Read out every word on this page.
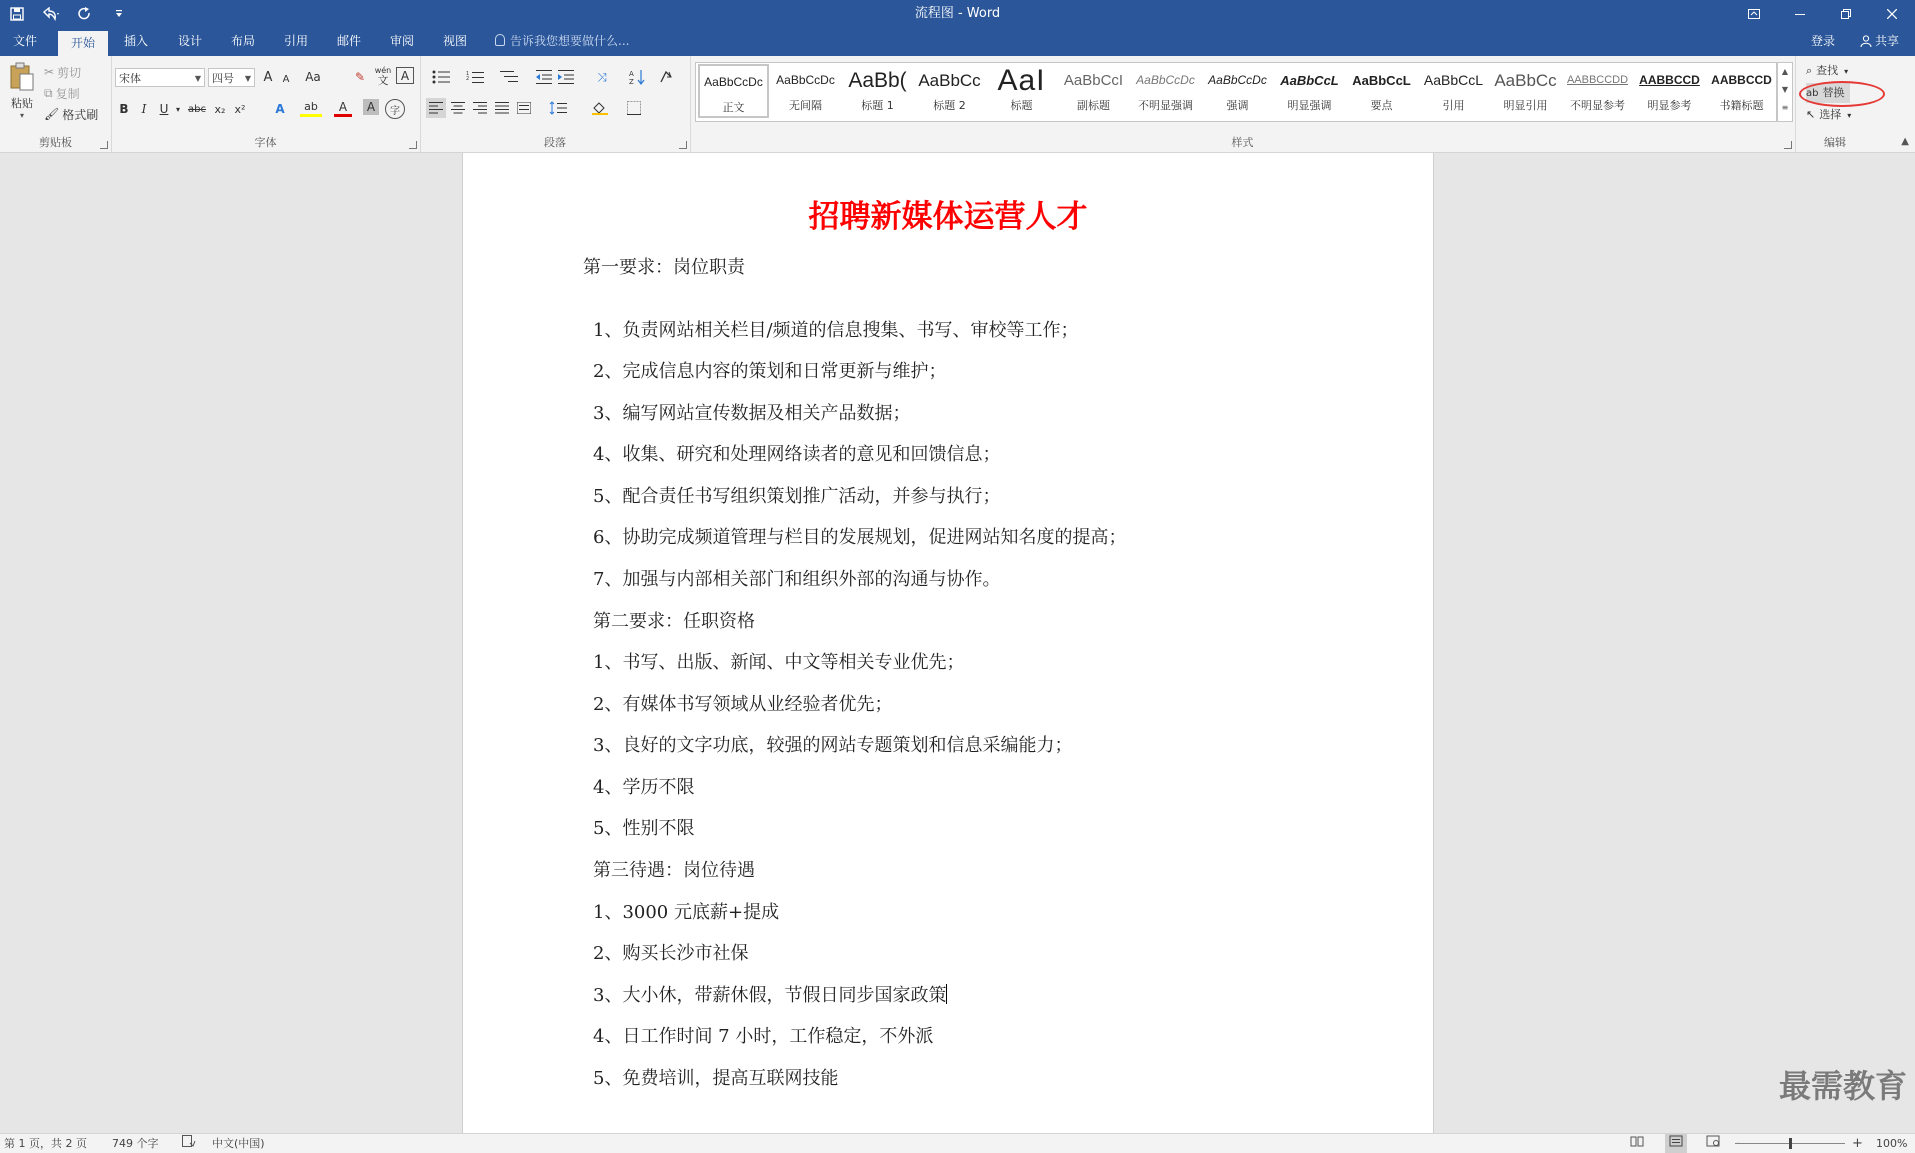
流程图 - Word
文件	开始	插入	设计	布局	引用	邮件	审阅	视图	告诉我您想要做什么...	登录	共享
粘贴
▾
✂ 剪切
⧉ 复制
🖌 格式刷
剪贴板
宋体	▼	四号 ▼ A	A	Aa	✎	wén
文	A
B	I	U ▾ abc x₂ x²	A	ab	A	A	字
字体
1
2	⤨	A
Z
段落	样式
AaBbCcDc
正文
AaBbCcDc
无间隔
AaBb(
标题 1
AaBbCc
标题 2
AaI
标题
AaBbCcI
副标题
AaBbCcDc
不明显强调
AaBbCcDc
强调
AaBbCcL
明显强调
AaBbCcL
要点
AaBbCcL
引用
AaBbCc
明显引用
AABBCCDD
不明显参考
AABBCCD
明显参考
AABBCCD
书籍标题
▲
▼
≡
编辑
⌕ 查找 ▾
ab 替换
↖ 选择 ▾
▲
招聘新媒体运营人才
第一要求：岗位职责
1、负责网站相关栏目/频道的信息搜集、书写、审校等工作；
2、完成信息内容的策划和日常更新与维护；
3、编写网站宣传数据及相关产品数据；
4、收集、研究和处理网络读者的意见和回馈信息；
5、配合责任书写组织策划推广活动，并参与执行；
6、协助完成频道管理与栏目的发展规划，促进网站知名度的提高；
7、加强与内部相关部门和组织外部的沟通与协作。
第二要求：任职资格
1、书写、出版、新闻、中文等相关专业优先；
2、有媒体书写领域从业经验者优先；
3、良好的文字功底，较强的网站专题策划和信息采编能力；
4、学历不限
5、性别不限
第三待遇：岗位待遇
1、3000 元底薪+提成
2、购买长沙市社保
3、大小休，带薪休假，节假日同步国家政策
4、日工作时间 7 小时，工作稳定，不外派
5、免费培训，提高互联网技能	最需教育
第 1 页，共 2 页 749 个字	中文(中国)	+ 100%
